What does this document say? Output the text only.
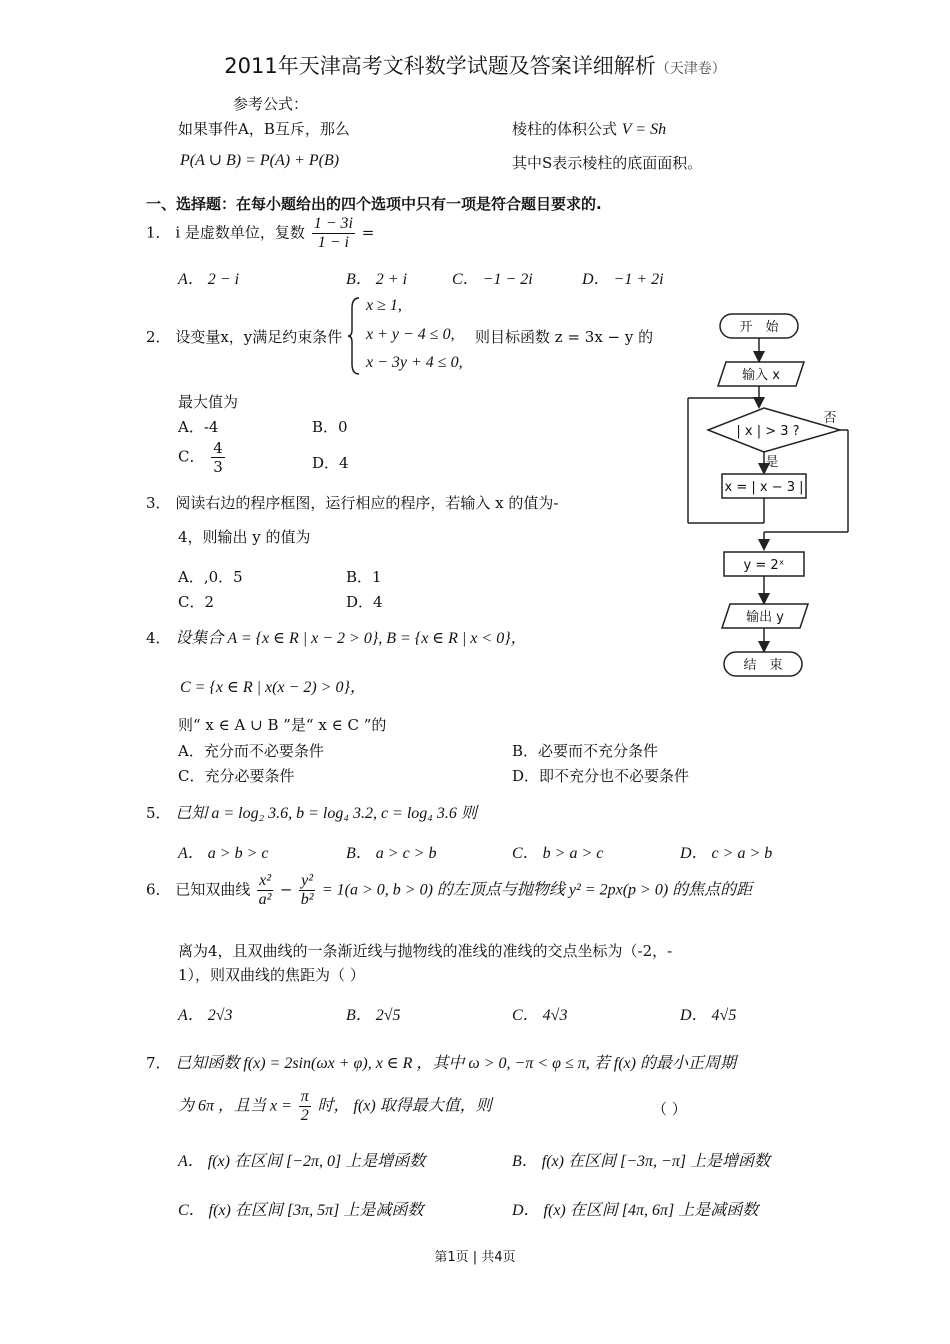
2011年天津高考文科数学试题及答案详细解析（天津卷）
参考公式：
如果事件A，B互斥，那么
P(A ∪ B) = P(A) + P(B)
棱柱的体积公式 V = Sh
其中S表示棱柱的底面面积。
一、选择题：在每小题给出的四个选项中只有一项是符合题目要求的.
1． i 是虚数单位，复数 $\frac{1 - 3i}{1 - i}$ =
A． 2 − i	B． 2 + i	C． −1 − 2i	D． −1 + 2i
2． 设变量x，y满足约束条件
x ≥ 1,
x + y − 4 ≤ 0,
x − 3y + 4 ≤ 0,
则目标函数 z = 3x − y 的
最大值为
A．-4	B．0
C． $\frac{4}{3}$	D．4
3． 阅读右边的程序框图，运行相应的程序，若输入 x 的值为-
4，则输出 y 的值为
A．,0．5	B．1
C．2	D．4
4． 设集合 A = {x ∈ R | x − 2 > 0}, B = {x ∈ R | x < 0}，
C = {x ∈ R | x(x − 2) > 0}，
则“ x ∈ A ∪ B ”是“ x ∈ C ”的
A．充分而不必要条件	B．必要而不充分条件
C．充分必要条件	D．即不充分也不必要条件
5． 已知 a = log₂ 3.6, b = log₄ 3.2, c = log₄ 3.6 则
A． a > b > c	B． a > c > b	C． b > a > c	D． c > a > b
6． 已知双曲线 $\frac{\text{x²}}{\text{a²}} - \frac{\text{y²}}{\text{b²}} = 1(a > 0$, b > 0) 的左顶点与抛物线 y² = 2px(p > 0) 的焦点的距
离为4，且双曲线的一条渐近线与抛物线的准线的准线的交点坐标为（-2，-
1），则双曲线的焦距为（ ）
A． 2√3	B． 2√5	C． 4√3	D． 4√5
7． 已知函数 f(x) = 2sin(ωx + φ), x ∈ R ，其中 ω > 0, −π < φ ≤ π, 若 f(x) 的最小正周期
为 6π ，且当 $x = \frac{\pi}{2}$ 时， f(x) 取得最大值，则	（ ）
A． f(x) 在区间 [−2π, 0] 上是增函数	B． f(x) 在区间 [−3π, −π] 上是增函数
C． f(x) 在区间 [3π, 5π] 上是减函数	D． f(x) 在区间 [4π, 6π] 上是减函数
开　始
输入 x
| x | > 3 ?
否
是
x = | x − 3 |
y = 2ˣ
输出 y
结　束
第1页 | 共4页
